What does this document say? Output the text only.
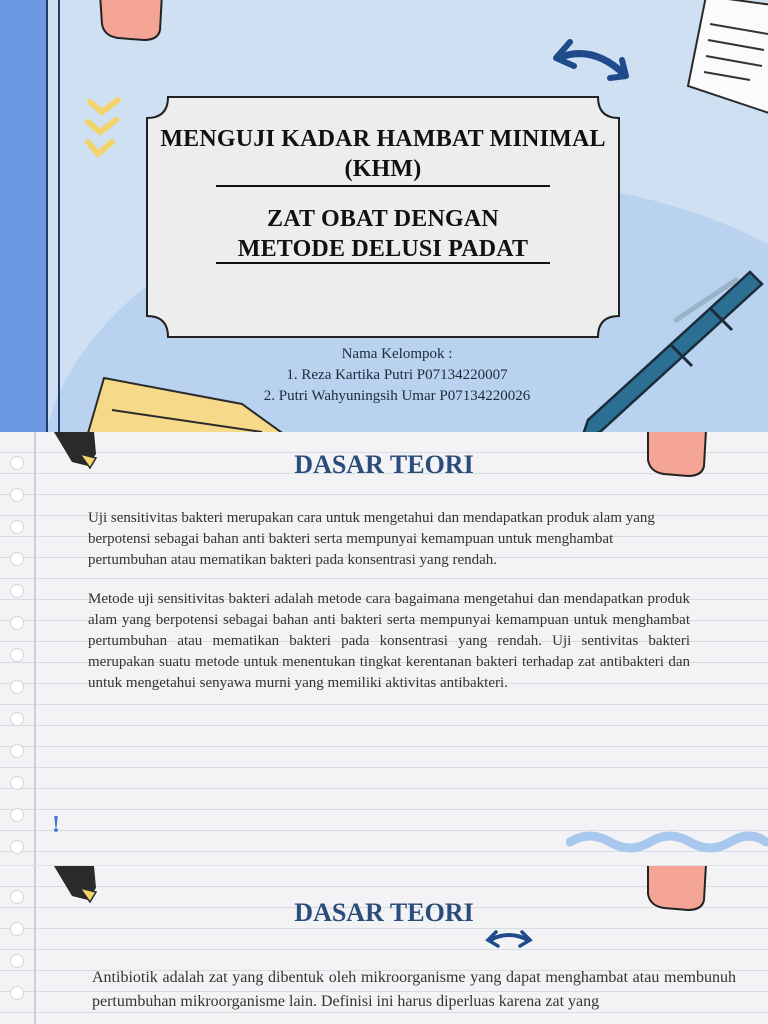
MENGUJI KADAR HAMBAT MINIMAL
(KHM)
ZAT OBAT DENGAN
METODE DELUSI PADAT
Nama Kelompok :
1. Reza Kartika Putri P07134220007
2. Putri Wahyuningsih Umar P07134220026
DASAR TEORI
Uji sensitivitas bakteri merupakan cara untuk mengetahui dan mendapatkan produk alam yang berpotensi sebagai bahan anti bakteri serta mempunyai kemampuan untuk menghambat pertumbuhan atau mematikan bakteri pada konsentrasi yang rendah.
Metode uji sensitivitas bakteri adalah metode cara bagaimana mengetahui dan mendapatkan produk alam yang berpotensi sebagai bahan anti bakteri serta mempunyai kemampuan untuk menghambat pertumbuhan atau mematikan bakteri pada konsentrasi yang rendah. Uji sentivitas bakteri merupakan suatu metode untuk menentukan tingkat kerentanan bakteri terhadap zat antibakteri dan untuk mengetahui senyawa murni yang memiliki aktivitas antibakteri.
!
DASAR TEORI
Antibiotik adalah zat yang dibentuk oleh mikroorganisme yang dapat menghambat atau membunuh pertumbuhan mikroorganisme lain. Definisi ini harus diperluas karena zat yang
